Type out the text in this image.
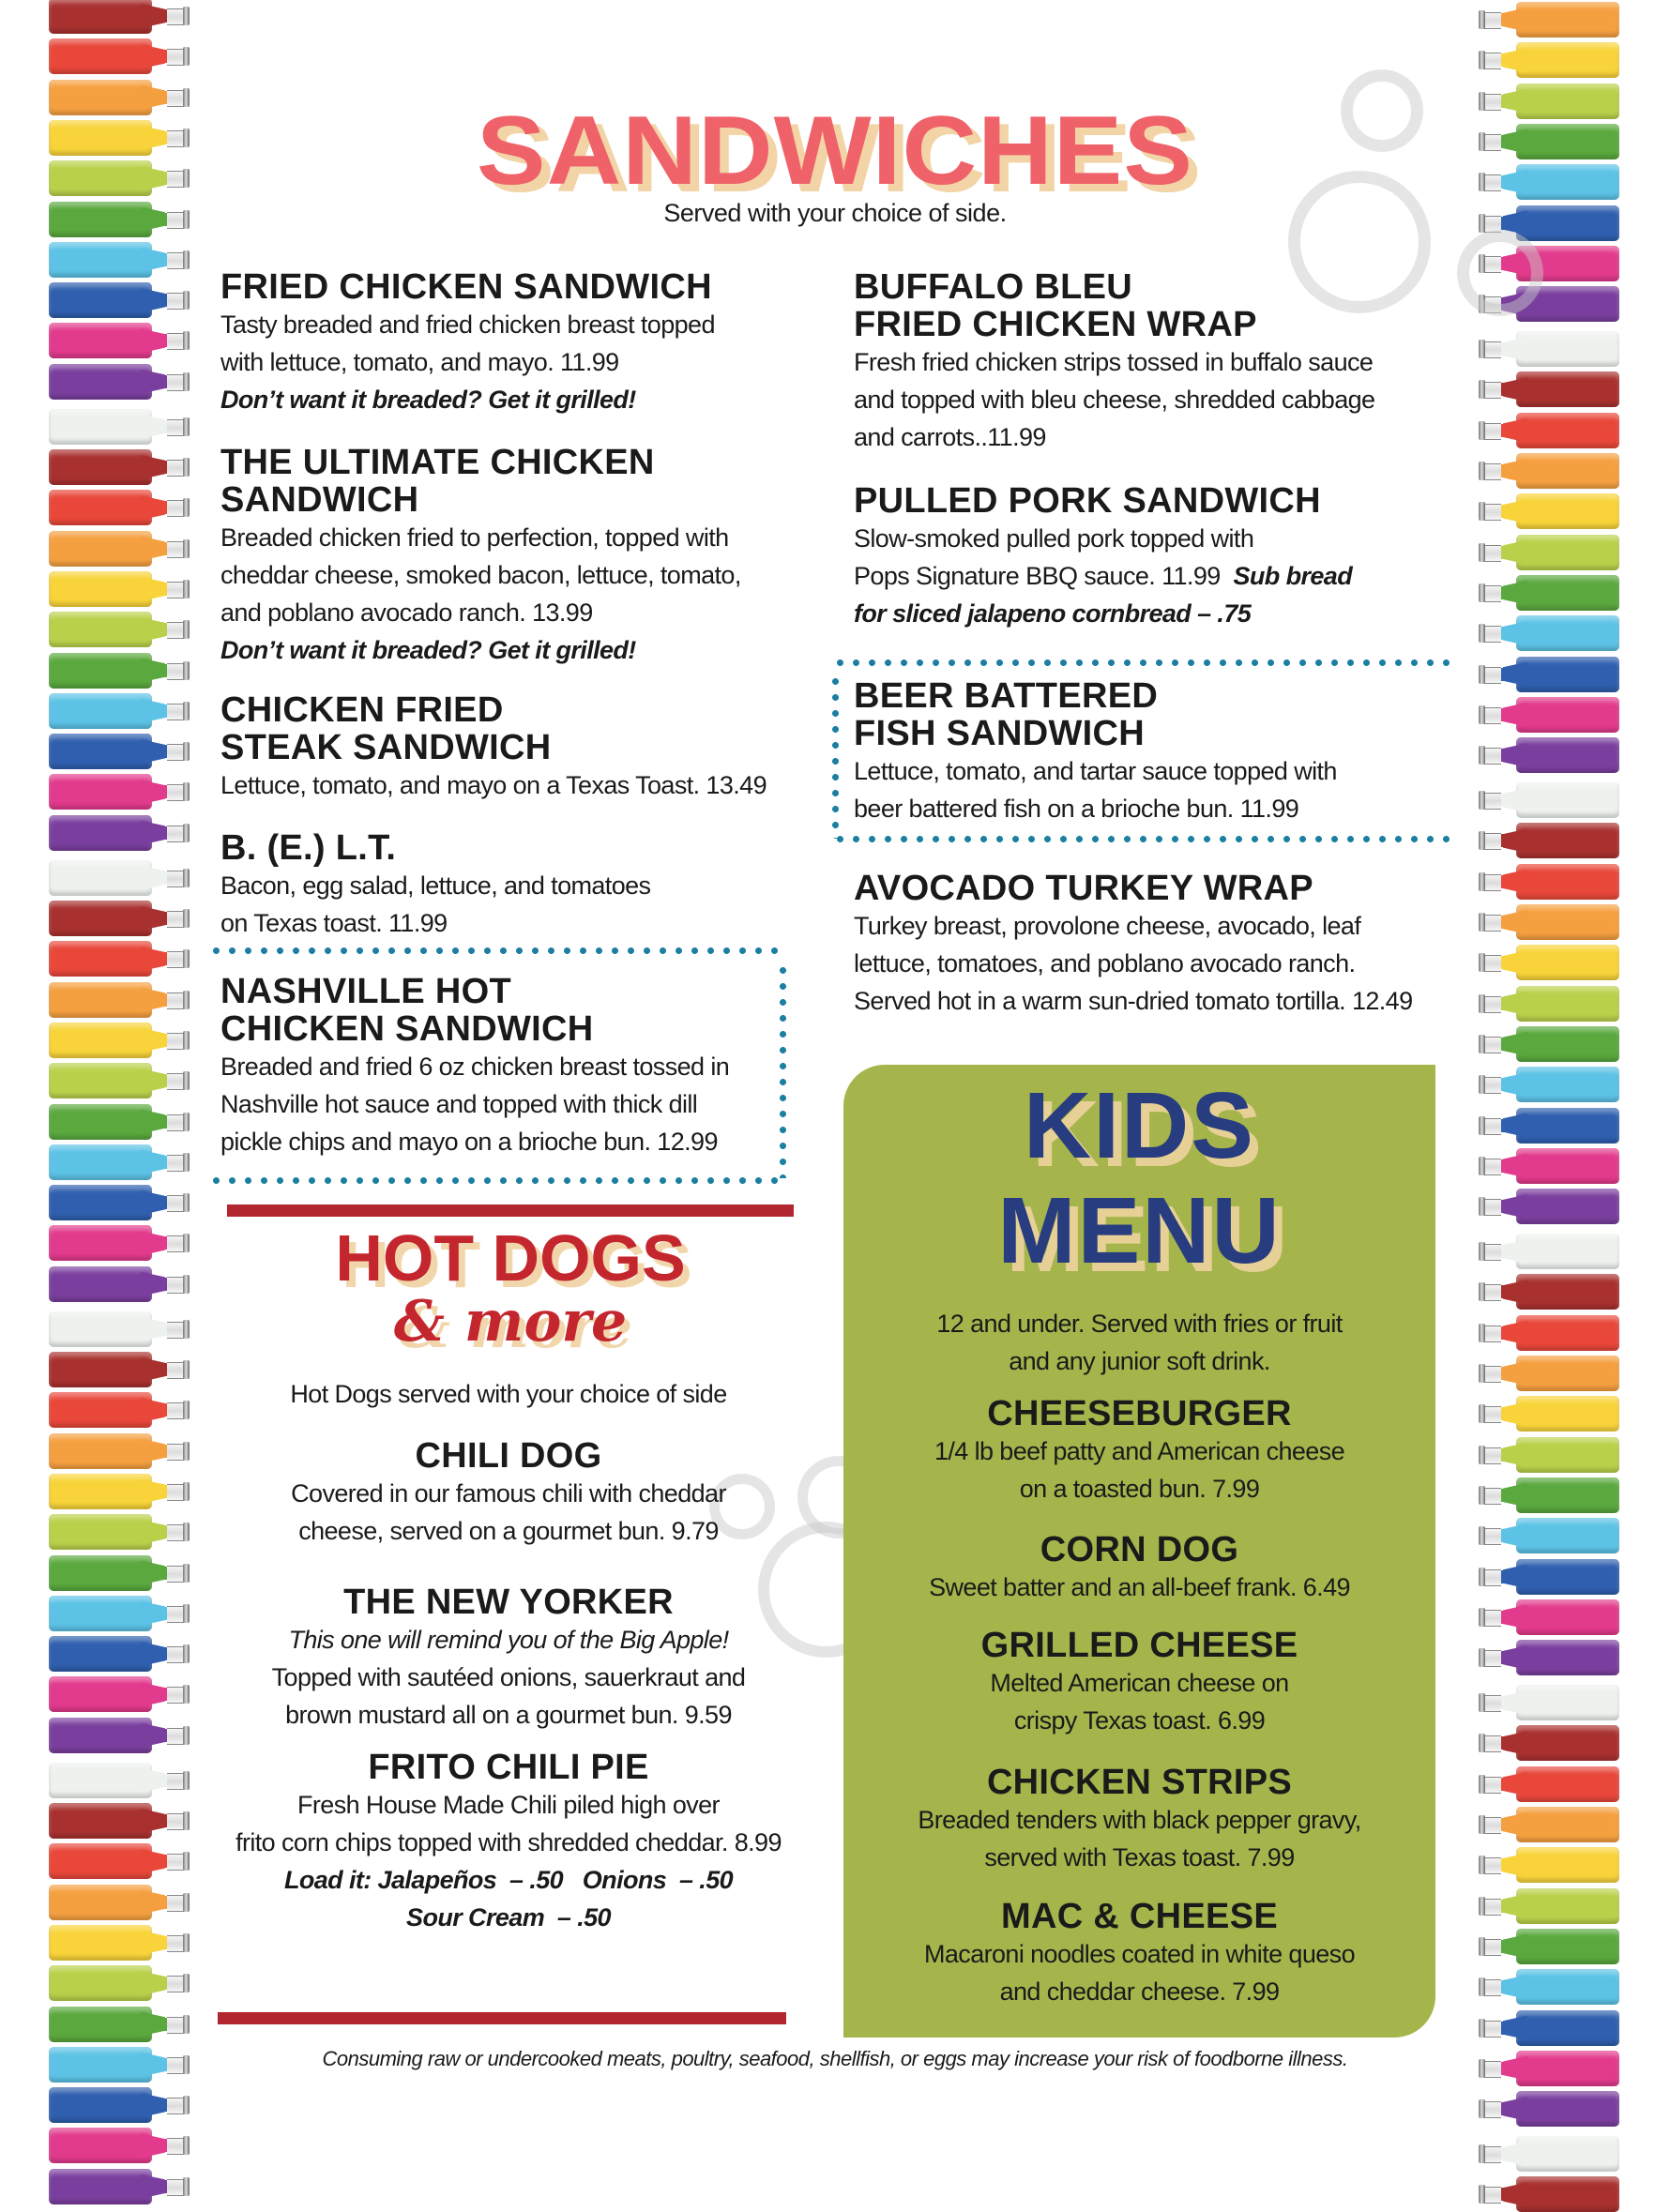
SANDWICHES
Served with your choice of side.
FRIED CHICKEN SANDWICH

Tasty breaded and fried chicken breast topped

with lettuce, tomato, and mayo. 11.99

Don’t want it breaded? Get it grilled!

THE ULTIMATE CHICKEN
SANDWICH

Breaded chicken fried to perfection, topped with

cheddar cheese, smoked bacon, lettuce, tomato,

and poblano avocado ranch. 13.99

Don’t want it breaded? Get it grilled!

CHICKEN FRIED
STEAK SANDWICH

Lettuce, tomato, and mayo on a Texas Toast. 13.49

B. (E.) L.T.

Bacon, egg salad, lettuce, and tomatoes

on Texas toast. 11.99

NASHVILLE HOT
CHICKEN SANDWICH

Breaded and fried 6 oz chicken breast tossed in

Nashville hot sauce and topped with thick dill

pickle chips and mayo on a brioche bun. 12.99

BUFFALO BLEU
FRIED CHICKEN WRAP

Fresh fried chicken strips tossed in buffalo sauce

and topped with bleu cheese, shredded cabbage

and carrots..11.99

PULLED PORK SANDWICH

Slow-smoked pulled pork topped with

Pops Signature BBQ sauce. 11.99 Sub bread

for sliced jalapeno cornbread – .75

BEER BATTERED
FISH SANDWICH

Lettuce, tomato, and tartar sauce topped with

beer battered fish on a brioche bun. 11.99

AVOCADO TURKEY WRAP

Turkey breast, provolone cheese, avocado, leaf

lettuce, tomatoes, and poblano avocado ranch.

Served hot in a warm sun-dried tomato tortilla. 12.49

HOT DOGS
& more

Hot Dogs served with your choice of side

CHILI DOG

Covered in our famous chili with cheddar

cheese, served on a gourmet bun. 9.79

THE NEW YORKER

This one will remind you of the Big Apple!

Topped with sautéed onions, sauerkraut and

brown mustard all on a gourmet bun. 9.59

FRITO CHILI PIE

Fresh House Made Chili piled high over

frito corn chips topped with shredded cheddar. 8.99

Load it: Jalapeños  – .50   Onions  – .50

Sour Cream  – .50

KIDS
MENU

12 and under. Served with fries or fruit

and any junior soft drink.

CHEESEBURGER

1/4 lb beef patty and American cheese

on a toasted bun. 7.99

CORN DOG

Sweet batter and an all-beef frank. 6.49

GRILLED CHEESE

Melted American cheese on

crispy Texas toast. 6.99

CHICKEN STRIPS

Breaded tenders with black pepper gravy,

served with Texas toast. 7.99

MAC & CHEESE

Macaroni noodles coated in white queso

and cheddar cheese. 7.99

Consuming raw or undercooked meats, poultry, seafood, shellfish, or eggs may increase your risk of foodborne illness.
